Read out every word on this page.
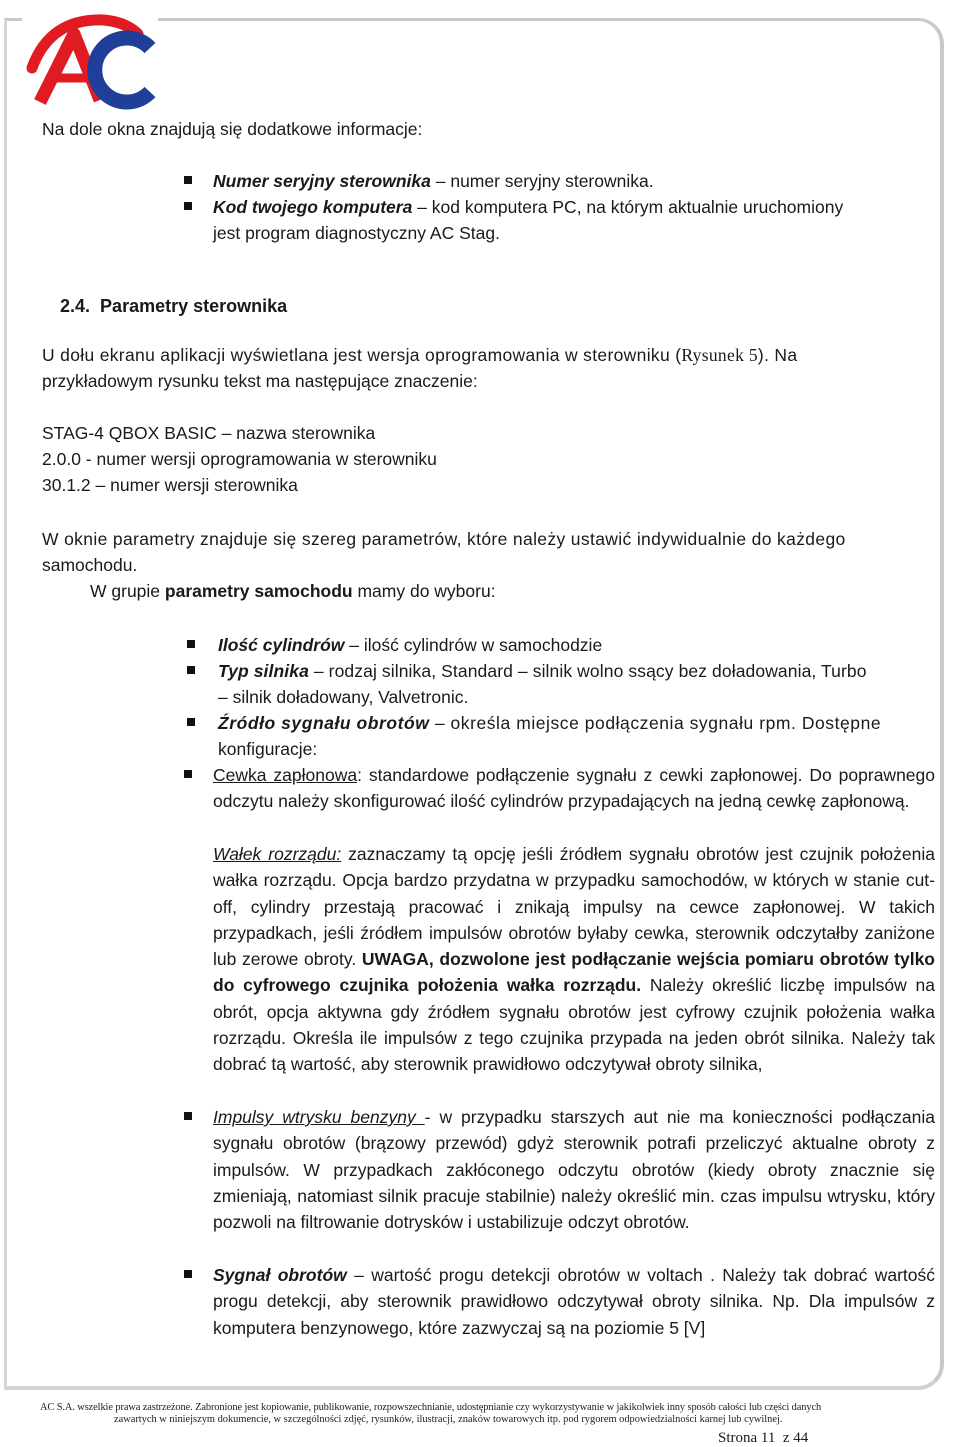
AC
Na dole okna znajdują się dodatkowe informacje:
Numer seryjny sterownika – numer seryjny sterownika.
Kod twojego komputera – kod komputera PC, na którym aktualnie uruchomiony
jest program diagnostyczny AC Stag.
2.4. Parametry sterownika
U dołu ekranu aplikacji wyświetlana jest wersja oprogramowania w sterowniku (Rysunek 5). Na
przykładowym rysunku tekst ma następujące znaczenie:
STAG-4 QBOX BASIC – nazwa sterownika
2.0.0 - numer wersji oprogramowania w sterowniku
30.1.2 – numer wersji sterownika
W oknie parametry znajduje się szereg parametrów, które należy ustawić indywidualnie do każdego
samochodu.
W grupie parametry samochodu mamy do wyboru:
Ilość cylindrów – ilość cylindrów w samochodzie
Typ silnika – rodzaj silnika, Standard – silnik wolno ssący bez doładowania, Turbo
– silnik doładowany, Valvetronic.
Źródło sygnału obrotów – określa miejsce podłączenia sygnału rpm. Dostępne
konfiguracje:
Cewka zapłonowa: standardowe podłączenie sygnału z cewki zapłonowej. Do poprawnego odczytu należy skonfigurować ilość cylindrów przypadających na jedną cewkę zapłonową.
Wałek rozrządu: zaznaczamy tą opcję jeśli źródłem sygnału obrotów jest czujnik położenia wałka rozrządu. Opcja bardzo przydatna w przypadku samochodów, w których w stanie cut-off, cylindry przestają pracować i znikają impulsy na cewce zapłonowej. W takich przypadkach, jeśli źródłem impulsów obrotów byłaby cewka, sterownik odczytałby zaniżone lub zerowe obroty. UWAGA, dozwolone jest podłączanie wejścia pomiaru obrotów tylko do cyfrowego czujnika położenia wałka rozrządu. Należy określić liczbę impulsów na obrót, opcja aktywna gdy źródłem sygnału obrotów jest cyfrowy czujnik położenia wałka rozrządu. Określa ile impulsów z tego czujnika przypada na jeden obrót silnika. Należy tak dobrać tą wartość, aby sterownik prawidłowo odczytywał obroty silnika,
Impulsy wtrysku benzyny - w przypadku starszych aut nie ma konieczności podłączania sygnału obrotów (brązowy przewód) gdyż sterownik potrafi przeliczyć aktualne obroty z impulsów. W przypadkach zakłóconego odczytu obrotów (kiedy obroty znacznie się zmieniają, natomiast silnik pracuje stabilnie) należy określić min. czas impulsu wtrysku, który pozwoli na filtrowanie dotrysków i ustabilizuje odczyt obrotów.
Sygnał obrotów – wartość progu detekcji obrotów w voltach . Należy tak dobrać wartość progu detekcji, aby sterownik prawidłowo odczytywał obroty silnika. Np. Dla impulsów z komputera benzynowego, które zazwyczaj są na poziomie 5 [V]
AC S.A. wszelkie prawa zastrzeżone. Zabronione jest kopiowanie, publikowanie, rozpowszechnianie, udostępnianie czy wykorzystywanie w jakikolwiek inny sposób całości lub części danych
zawartych w niniejszym dokumencie, w szczególności zdjęć, rysunków, ilustracji, znaków towarowych itp. pod rygorem odpowiedzialności karnej lub cywilnej.
Strona 11 z 44
